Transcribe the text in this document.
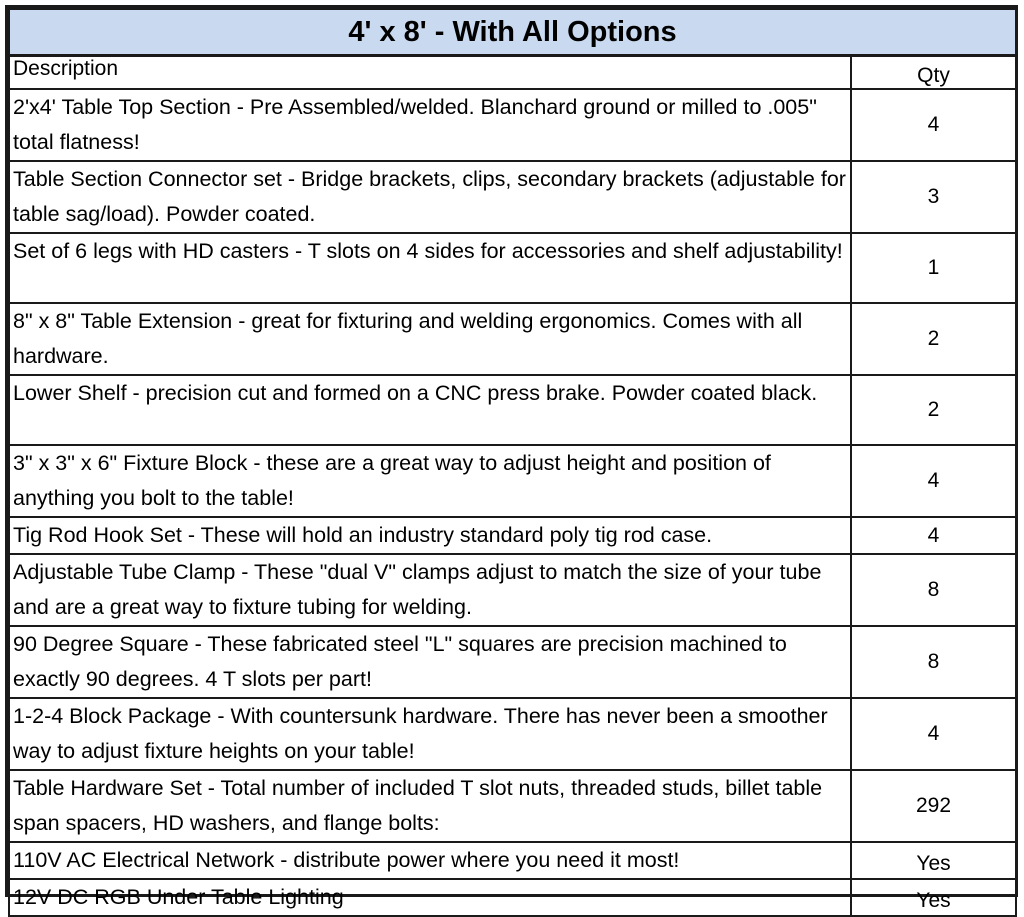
4' x 8' - With All Options	
Description	Qty
2'x4' Table Top Section - Pre Assembled/welded. Blanchard ground or milled to .005" total flatness!	4
Table Section Connector set - Bridge brackets, clips, secondary brackets (adjustable for table sag/load). Powder coated.	3
Set of 6 legs with HD casters - T slots on 4 sides for accessories and shelf adjustability!	1
8" x 8" Table Extension - great for fixturing and welding ergonomics. Comes with all hardware.	2
Lower Shelf - precision cut and formed on a CNC press brake. Powder coated black.	2
3" x 3" x 6" Fixture Block - these are a great way to adjust height and position of anything you bolt to the table!	4
Tig Rod Hook Set - These will hold an industry standard poly tig rod case.	4
Adjustable Tube Clamp - These "dual V" clamps adjust to match the size of your tube and are a great way to fixture tubing for welding.	8
90 Degree Square - These fabricated steel "L" squares are precision machined to exactly 90 degrees. 4 T slots per part!	8
1-2-4 Block Package - With countersunk hardware. There has never been a smoother way to adjust fixture heights on your table!	4
Table Hardware Set - Total number of included T slot nuts, threaded studs, billet table span spacers, HD washers, and flange bolts:	292
110V AC Electrical Network - distribute power where you need it most!	Yes
12V DC RGB Under Table Lighting	Yes
